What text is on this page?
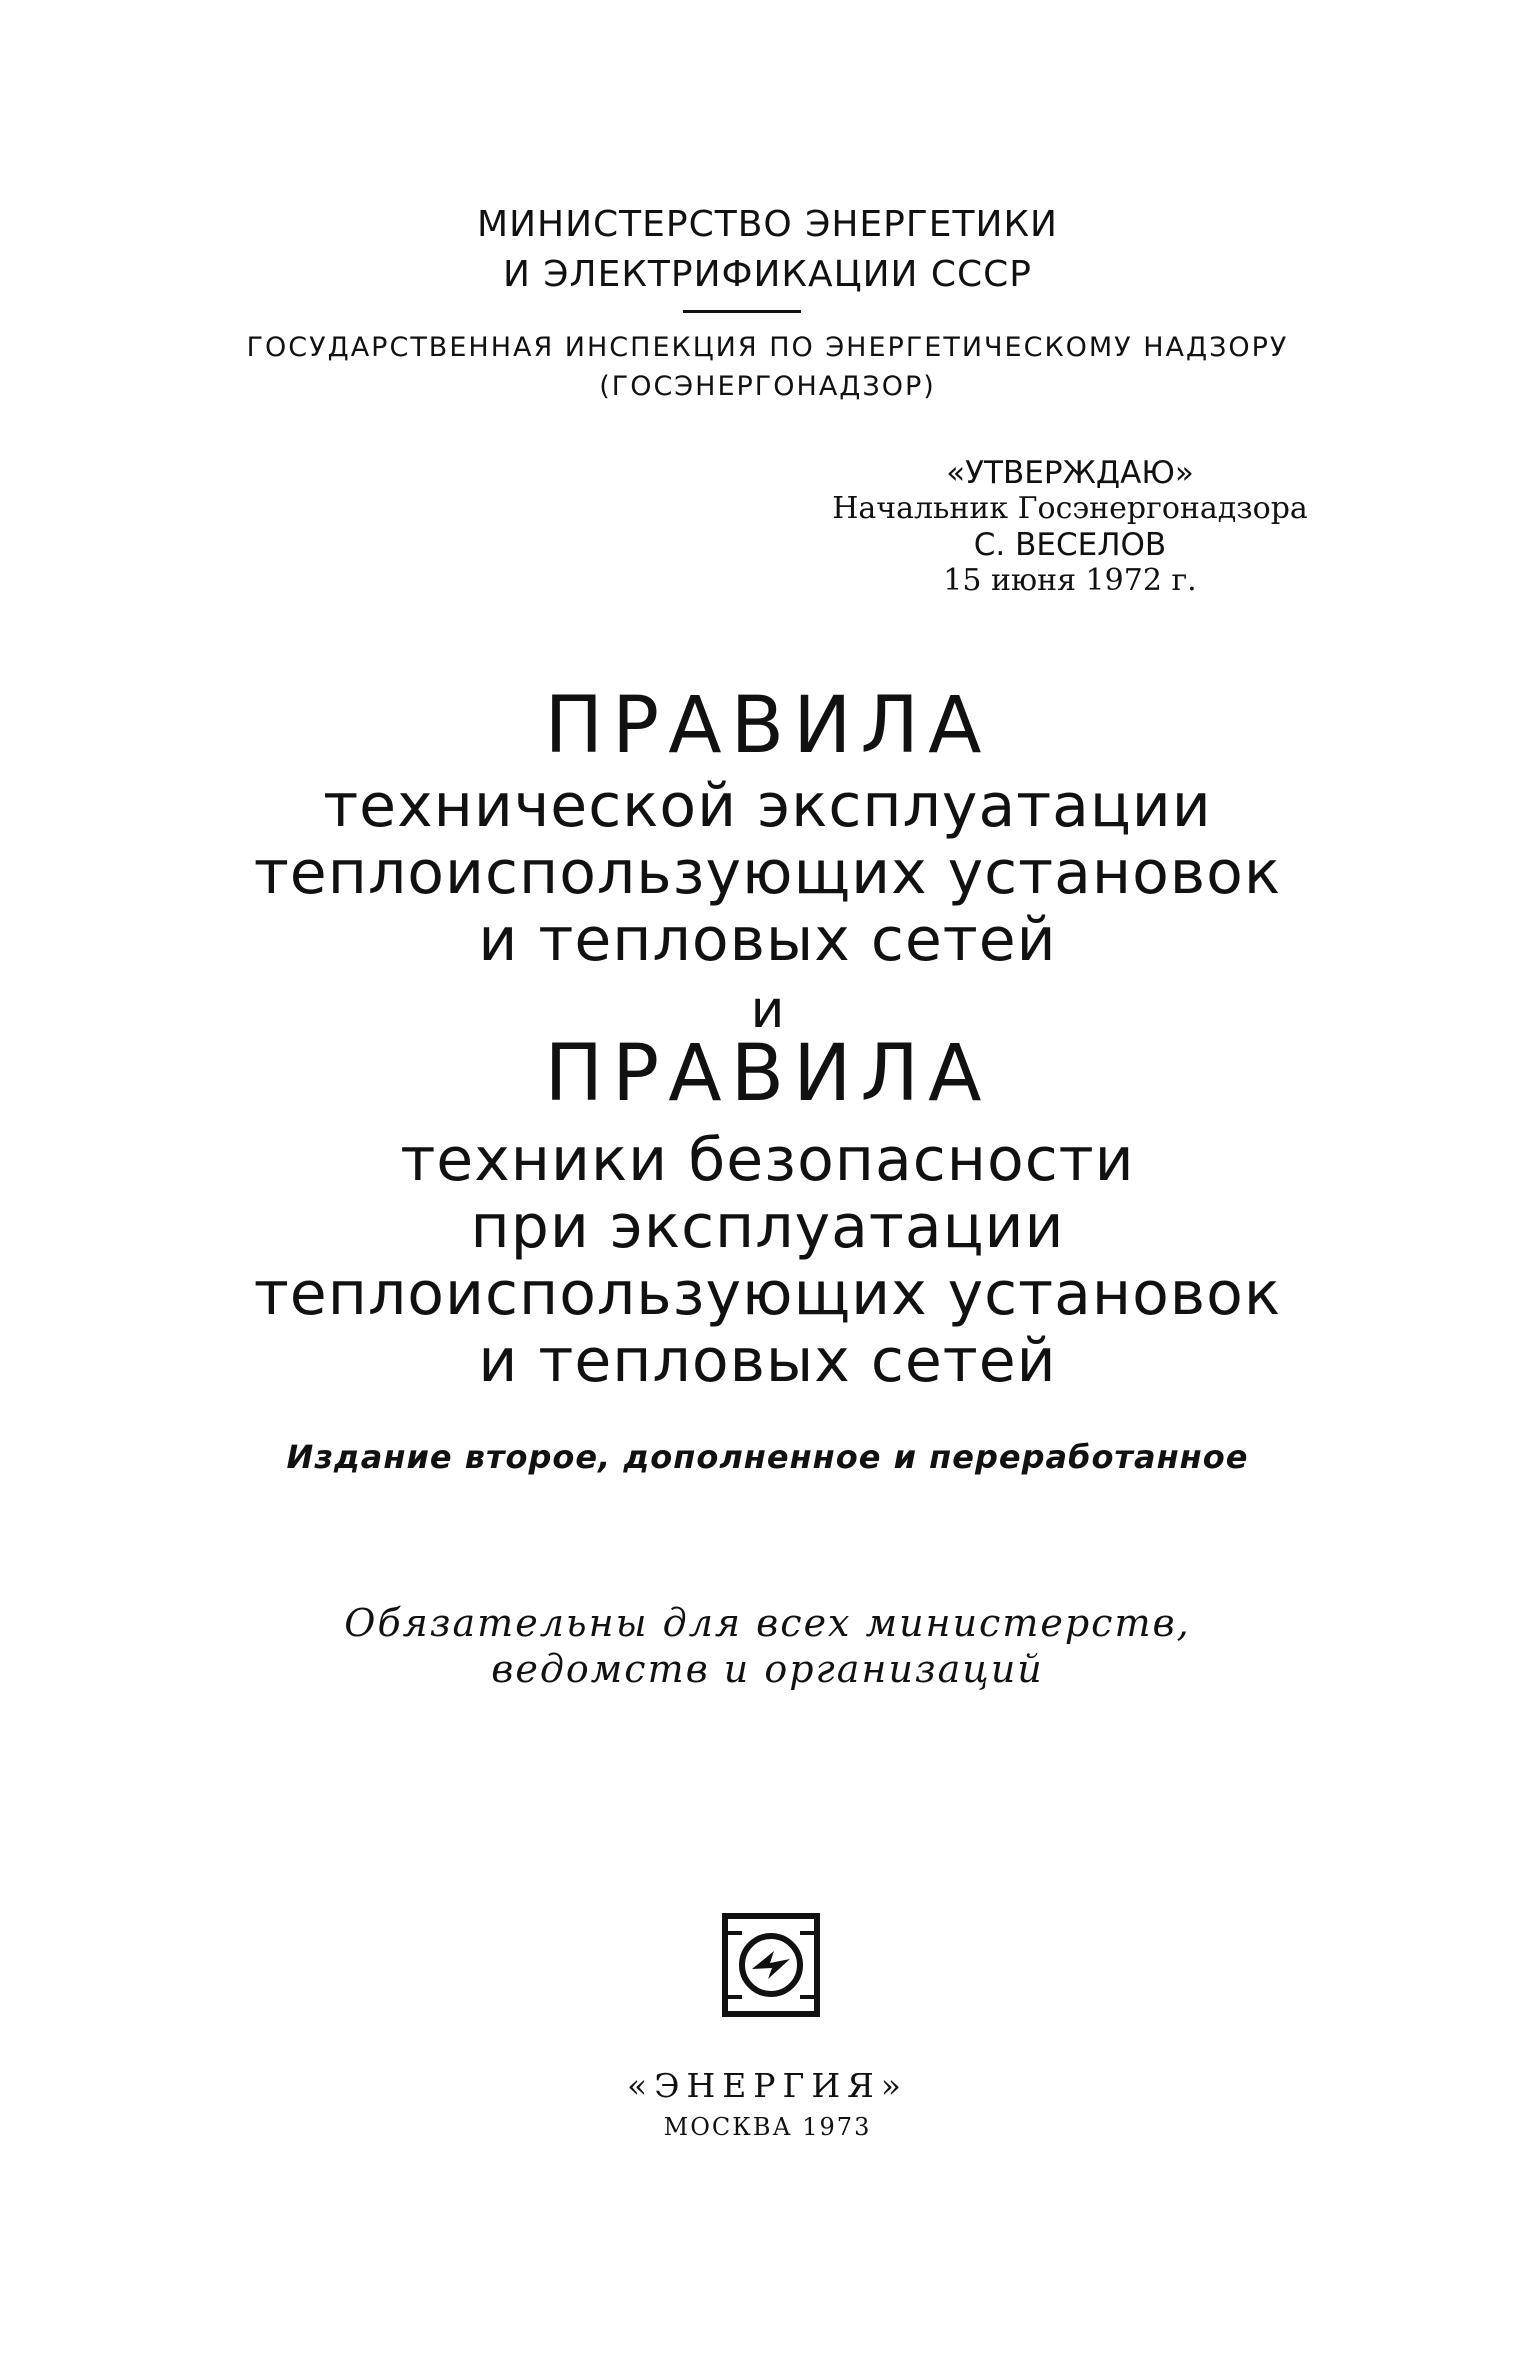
МИНИСТЕРСТВО ЭНЕРГЕТИКИ
И ЭЛЕКТРИФИКАЦИИ СССР
ГОСУДАРСТВЕННАЯ ИНСПЕКЦИЯ ПО ЭНЕРГЕТИЧЕСКОМУ НАДЗОРУ
(ГОСЭНЕРГОНАДЗОР)
«УТВЕРЖДАЮ»
Начальник Госэнергонадзора
С. ВЕСЕЛОВ
15 июня 1972 г.
ПРАВИЛА
технической эксплуатации
теплоиспользующих установок
и тепловых сетей
и
ПРАВИЛА
техники безопасности
при эксплуатации
теплоиспользующих установок
и тепловых сетей
Издание второе, дополненное и переработанное
Обязательны для всех министерств,
ведомств и организаций
«ЭНЕРГИЯ»
МОСКВА 1973
